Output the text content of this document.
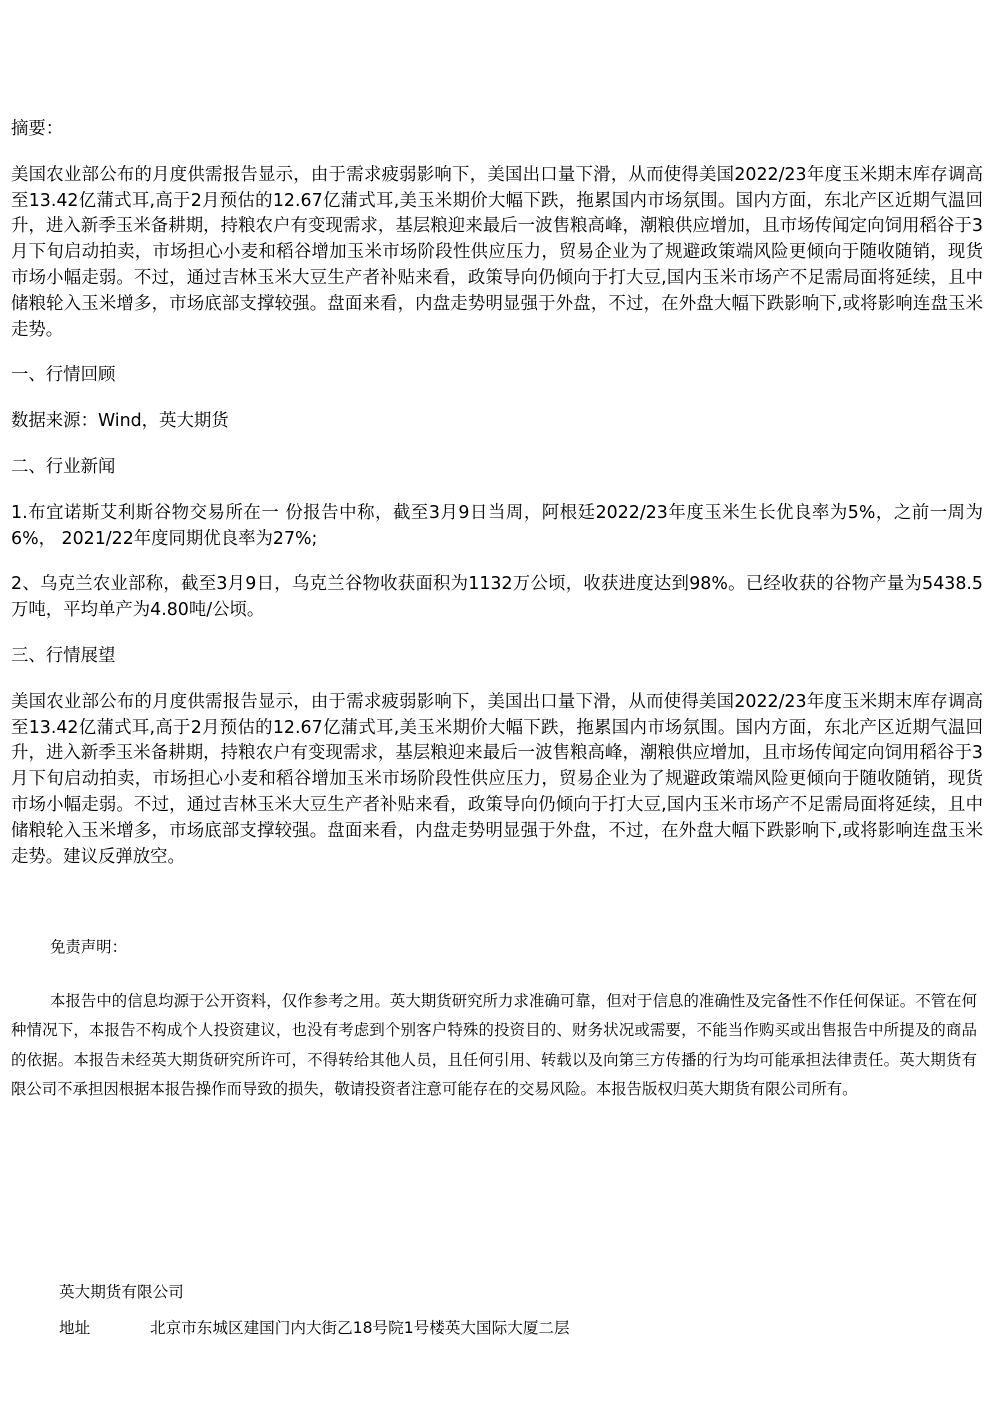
摘要：

美国农业部公布的月度供需报告显示，由于需求疲弱影响下，美国出口量下滑，从而使得美国2022/23年度玉米期末库存调高至13.42亿蒲式耳,高于2月预估的12.67亿蒲式耳,美玉米期价大幅下跌，拖累国内市场氛围。国内方面，东北产区近期气温回升，进入新季玉米备耕期，持粮农户有变现需求，基层粮迎来最后一波售粮高峰，潮粮供应增加，且市场传闻定向饲用稻谷于3月下旬启动拍卖，市场担心小麦和稻谷增加玉米市场阶段性供应压力，贸易企业为了规避政策端风险更倾向于随收随销，现货市场小幅走弱。不过，通过吉林玉米大豆生产者补贴来看，政策导向仍倾向于打大豆,国内玉米市场产不足需局面将延续，且中储粮轮入玉米增多，市场底部支撑较强。盘面来看，内盘走势明显强于外盘，不过，在外盘大幅下跌影响下,或将影响连盘玉米走势。

一、行情回顾

数据来源：Wind，英大期货

二、行业新闻

1.布宜诺斯艾利斯谷物交易所在一 份报告中称，截至3月9日当周，阿根廷2022/23年度玉米生长优良率为5%，之前一周为6%， 2021/22年度同期优良率为27%;

2、乌克兰农业部称，截至3月9日，乌克兰谷物收获面积为1132万公顷，收获进度达到98%。已经收获的谷物产量为5438.5万吨，平均单产为4.80吨/公顷。

三、行情展望

美国农业部公布的月度供需报告显示，由于需求疲弱影响下，美国出口量下滑，从而使得美国2022/23年度玉米期末库存调高至13.42亿蒲式耳,高于2月预估的12.67亿蒲式耳,美玉米期价大幅下跌，拖累国内市场氛围。国内方面，东北产区近期气温回升，进入新季玉米备耕期，持粮农户有变现需求，基层粮迎来最后一波售粮高峰，潮粮供应增加，且市场传闻定向饲用稻谷于3月下旬启动拍卖，市场担心小麦和稻谷增加玉米市场阶段性供应压力，贸易企业为了规避政策端风险更倾向于随收随销，现货市场小幅走弱。不过，通过吉林玉米大豆生产者补贴来看，政策导向仍倾向于打大豆,国内玉米市场产不足需局面将延续，且中储粮轮入玉米增多，市场底部支撑较强。盘面来看，内盘走势明显强于外盘，不过，在外盘大幅下跌影响下,或将影响连盘玉米走势。建议反弹放空。

免责声明：

本报告中的信息均源于公开资料，仅作参考之用。英大期货研究所力求准确可靠，但对于信息的准确性及完备性不作任何保证。不管在何种情况下，本报告不构成个人投资建议，也没有考虑到个别客户特殊的投资目的、财务状况或需要，不能当作购买或出售报告中所提及的商品的依据。本报告未经英大期货研究所许可，不得转给其他人员，且任何引用、转载以及向第三方传播的行为均可能承担法律责任。英大期货有限公司不承担因根据本报告操作而导致的损失，敬请投资者注意可能存在的交易风险。本报告版权归英大期货有限公司所有。

英大期货有限公司
地址	北京市东城区建国门内大街乙18号院1号楼英大国际大厦二层
